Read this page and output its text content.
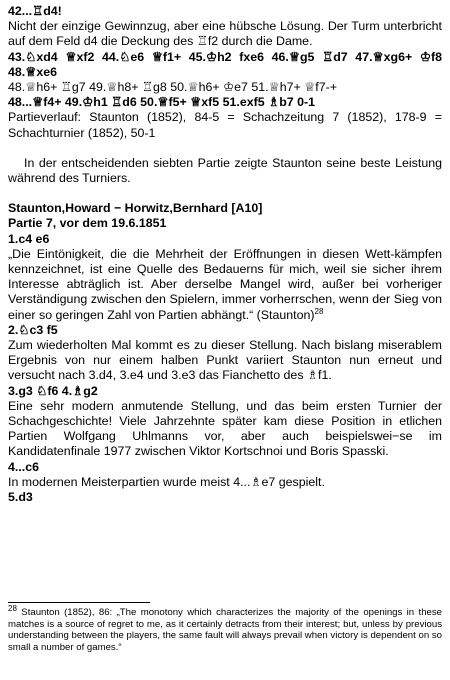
42...♖d4!

Nicht der einzige Gewinnzug, aber eine hübsche Lösung. Der Turm unterbricht auf dem Feld d4 die Deckung des ♖f2 durch die Dame.

43.♘xd4 ♕xf2 44.♘e6 ♕f1+ 45.♔h2 fxe6 46.♕g5 ♖d7 47.♕xg6+ ♔f8 48.♕xe6

48.♕h6+ ♖g7 49.♕h8+ ♖g8 50.♕h6+ ♔e7 51.♕h7+ ♕f7-+

48...♕f4+ 49.♔h1 ♖d6 50.♕f5+ ♕xf5 51.exf5 ♗b7 0-1

Partieverlauf: Staunton (1852), 84-5 = Schachzeitung 7 (1852), 178-9 = Schachturnier (1852), 50-1

In der entscheidenden siebten Partie zeigte Staunton seine beste Leistung während des Turniers.

Staunton,Howard − Horwitz,Bernhard [A10]

Partie 7, vor dem 19.6.1851

1.c4 e6

„Die Eintönigkeit, die die Mehrheit der Eröffnungen in diesen Wett-kämpfen kennzeichnet, ist eine Quelle des Bedauerns für mich, weil sie sicher ihrem Interesse abträglich ist. Aber derselbe Mangel wird, außer bei vorheriger Verständigung zwischen den Spielern, immer vorherrschen, wenn der Sieg von einer so geringen Zahl von Partien abhängt.“ (Staunton)$^{28}$

2.♘c3 f5

Zum wiederholten Mal kommt es zu dieser Stellung. Nach bislang miserablem Ergebnis von nur einem halben Punkt variiert Staunton nun erneut und versucht nach 3.d4, 3.e4 und 3.e3 das Fianchetto des ♗f1.

3.g3 ♘f6 4.♗g2

Eine sehr modern anmutende Stellung, und das beim ersten Turnier der Schachgeschichte! Viele Jahrzehnte später kam diese Position in etlichen Partien Wolfgang Uhlmanns vor, aber auch beispielswei−se im Kandidatenfinale 1977 zwischen Viktor Kortschnoi und Boris Spasski.

4...c6

In modernen Meisterpartien wurde meist 4...♗e7 gespielt.

5.d3

$^{28}$ Staunton (1852), 86: „The monotony which characterizes the majority of the openings in these matches is a source of regret to me, as it certainly detracts from their interest; but, unless by previous understanding between the players, the same fault will always prevail when victory is dependent on so small a number of games.“
